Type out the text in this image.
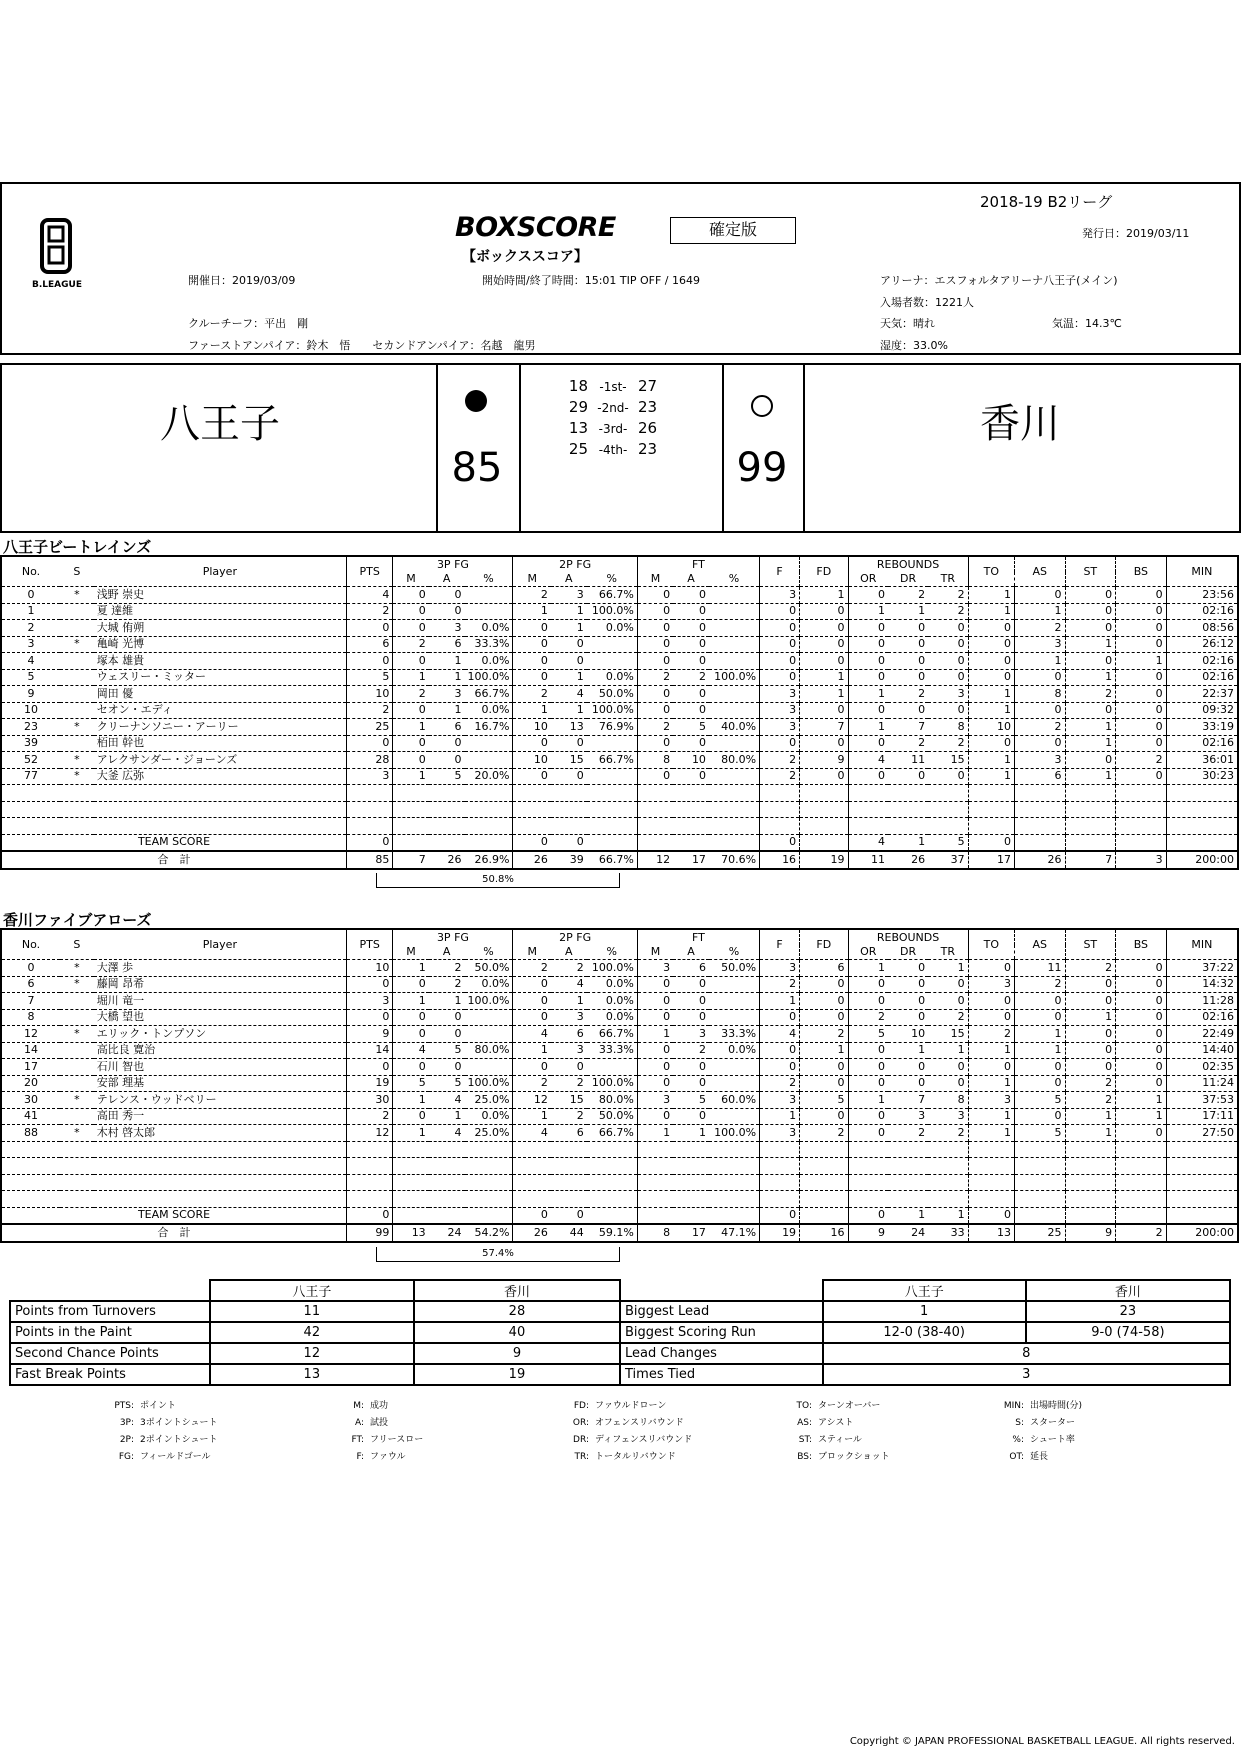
B.LEAGUE
2018-19 B2リーグ
発行日：2019/03/11
BOXSCORE
【ボックススコア】
確定版
開催日：2019/03/09	開始時間/終了時間：15:01 TIP OFF / 1649	アリーナ：エスフォルタアリーナ八王子(メイン)
入場者数：1221人
クルーチーフ：平出　剛	天気：晴れ	気温：14.3℃
ファーストアンパイア：鈴木　悟　　セカンドアンパイア：名越　龍男	湿度：33.0%
八王子	香川
85	99
18 -1st- 27
29 -2nd- 23
13 -3rd- 26
25 -4th- 23
八王子ビートレインズ
No.	S	Player	PTS	3P FG			2P FG			FT			F	FD	REBOUNDS			TO	AS	ST	BS	MIN
				M	A	%	M	A	%	M	A	%			OR	DR	TR					
0	*	浅野 崇史	4	0	0		2	3	66.7%	0	0		3	1	0	2	2	1	0	0	0	23:56
1		夏 達維	2	0	0		1	1	100.0%	0	0		0	0	1	1	2	1	1	0	0	02:16
2		大城 侑朔	0	0	3	0.0%	0	1	0.0%	0	0		0	0	0	0	0	0	2	0	0	08:56
3	*	亀崎 光博	6	2	6	33.3%	0	0		0	0		0	0	0	0	0	0	3	1	0	26:12
4		塚本 雄貴	0	0	1	0.0%	0	0		0	0		0	0	0	0	0	0	1	0	1	02:16
5		ウェスリー・ミッター	5	1	1	100.0%	0	1	0.0%	2	2	100.0%	0	1	0	0	0	0	0	1	0	02:16
9		岡田 優	10	2	3	66.7%	2	4	50.0%	0	0		3	1	1	2	3	1	8	2	0	22:37
10		セオン・エディ	2	0	1	0.0%	1	1	100.0%	0	0		3	0	0	0	0	1	0	0	0	09:32
23	*	クリーナンソニー・アーリー	25	1	6	16.7%	10	13	76.9%	2	5	40.0%	3	7	1	7	8	10	2	1	0	33:19
39		栢田 幹也	0	0	0		0	0		0	0		0	0	0	2	2	0	0	1	0	02:16
52	*	アレクサンダー・ジョーンズ	28	0	0		10	15	66.7%	8	10	80.0%	2	9	4	11	15	1	3	0	2	36:01
77	*	大釜 広弥	3	1	5	20.0%	0	0		0	0		2	0	0	0	0	1	6	1	0	30:23

TEAM SCORE			0				0	0					0		4	1	5	0				
合　計			85	7	26	26.9%	26	39	66.7%	12	17	70.6%	16	19	11	26	37	17	26	7	3	200:00
50.8%
香川ファイブアローズ
No.	S	Player	PTS	3P FG			2P FG			FT			F	FD	REBOUNDS			TO	AS	ST	BS	MIN
				M	A	%	M	A	%	M	A	%			OR	DR	TR					
0	*	大澤 歩	10	1	2	50.0%	2	2	100.0%	3	6	50.0%	3	6	1	0	1	0	11	2	0	37:22
6	*	藤岡 昂希	0	0	2	0.0%	0	4	0.0%	0	0		2	0	0	0	0	3	2	0	0	14:32
7		堀川 竜一	3	1	1	100.0%	0	1	0.0%	0	0		1	0	0	0	0	0	0	0	0	11:28
8		大橋 望也	0	0	0		0	3	0.0%	0	0		0	0	2	0	2	0	0	1	0	02:16
12	*	エリック・トンプソン	9	0	0		4	6	66.7%	1	3	33.3%	4	2	5	10	15	2	1	0	0	22:49
14		高比良 寛治	14	4	5	80.0%	1	3	33.3%	0	2	0.0%	0	1	0	1	1	1	1	0	0	14:40
17		石川 智也	0	0	0		0	0		0	0		0	0	0	0	0	0	0	0	0	02:35
20		安部 理基	19	5	5	100.0%	2	2	100.0%	0	0		2	0	0	0	0	1	0	2	0	11:24
30	*	テレンス・ウッドベリー	30	1	4	25.0%	12	15	80.0%	3	5	60.0%	3	5	1	7	8	3	5	2	1	37:53
41		高田 秀一	2	0	1	0.0%	1	2	50.0%	0	0		1	0	0	3	3	1	0	1	1	17:11
88	*	木村 啓太郎	12	1	4	25.0%	4	6	66.7%	1	1	100.0%	3	2	0	2	2	1	5	1	0	27:50

TEAM SCORE			0				0	0					0		0	1	1	0				
合　計			99	13	24	54.2%	26	44	59.1%	8	17	47.1%	19	16	9	24	33	13	25	9	2	200:00
57.4%
	八王子	香川
Points from Turnovers	11	28
Points in the Paint	42	40
Second Chance Points	12	9
Fast Break Points	13	19
	八王子	香川
Biggest Lead	1	23
Biggest Scoring Run	12-0 (38-40)	9-0 (74-58)
Lead Changes	8	
Times Tied	3	
PTS: ポイント
3P: 3ポイントシュート
2P: 2ポイントシュート
FG: フィールドゴール
M: 成功
A: 試投
FT: フリースロー
F: ファウル
FD: ファウルドローン
OR: オフェンスリバウンド
DR: ディフェンスリバウンド
TR: トータルリバウンド
TO: ターンオーバー
AS: アシスト
ST: スティール
BS: ブロックショット
MIN: 出場時間(分)
S: スターター
%: シュート率
OT: 延長
Copyright © JAPAN PROFESSIONAL BASKETBALL LEAGUE. All rights reserved.
